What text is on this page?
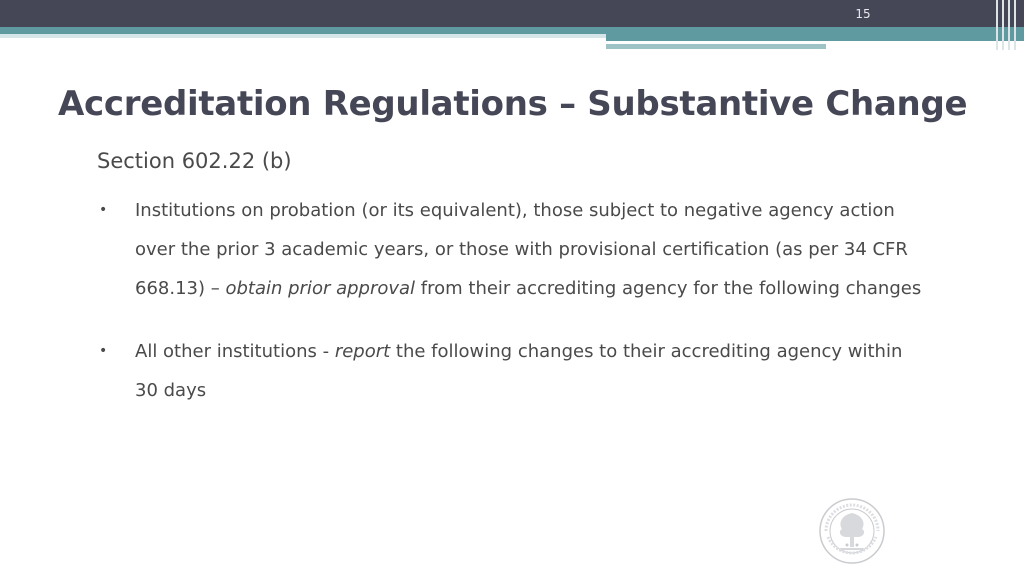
15
Accreditation Regulations – Substantive Change
Section 602.22 (b)
• Institutions on probation (or its equivalent), those subject to negative agency action over the prior 3 academic years, or those with provisional certification (as per 34 CFR 668.13) – obtain prior approval from their accrediting agency for the following changes
• All other institutions - report the following changes to their accrediting agency within 30 days
